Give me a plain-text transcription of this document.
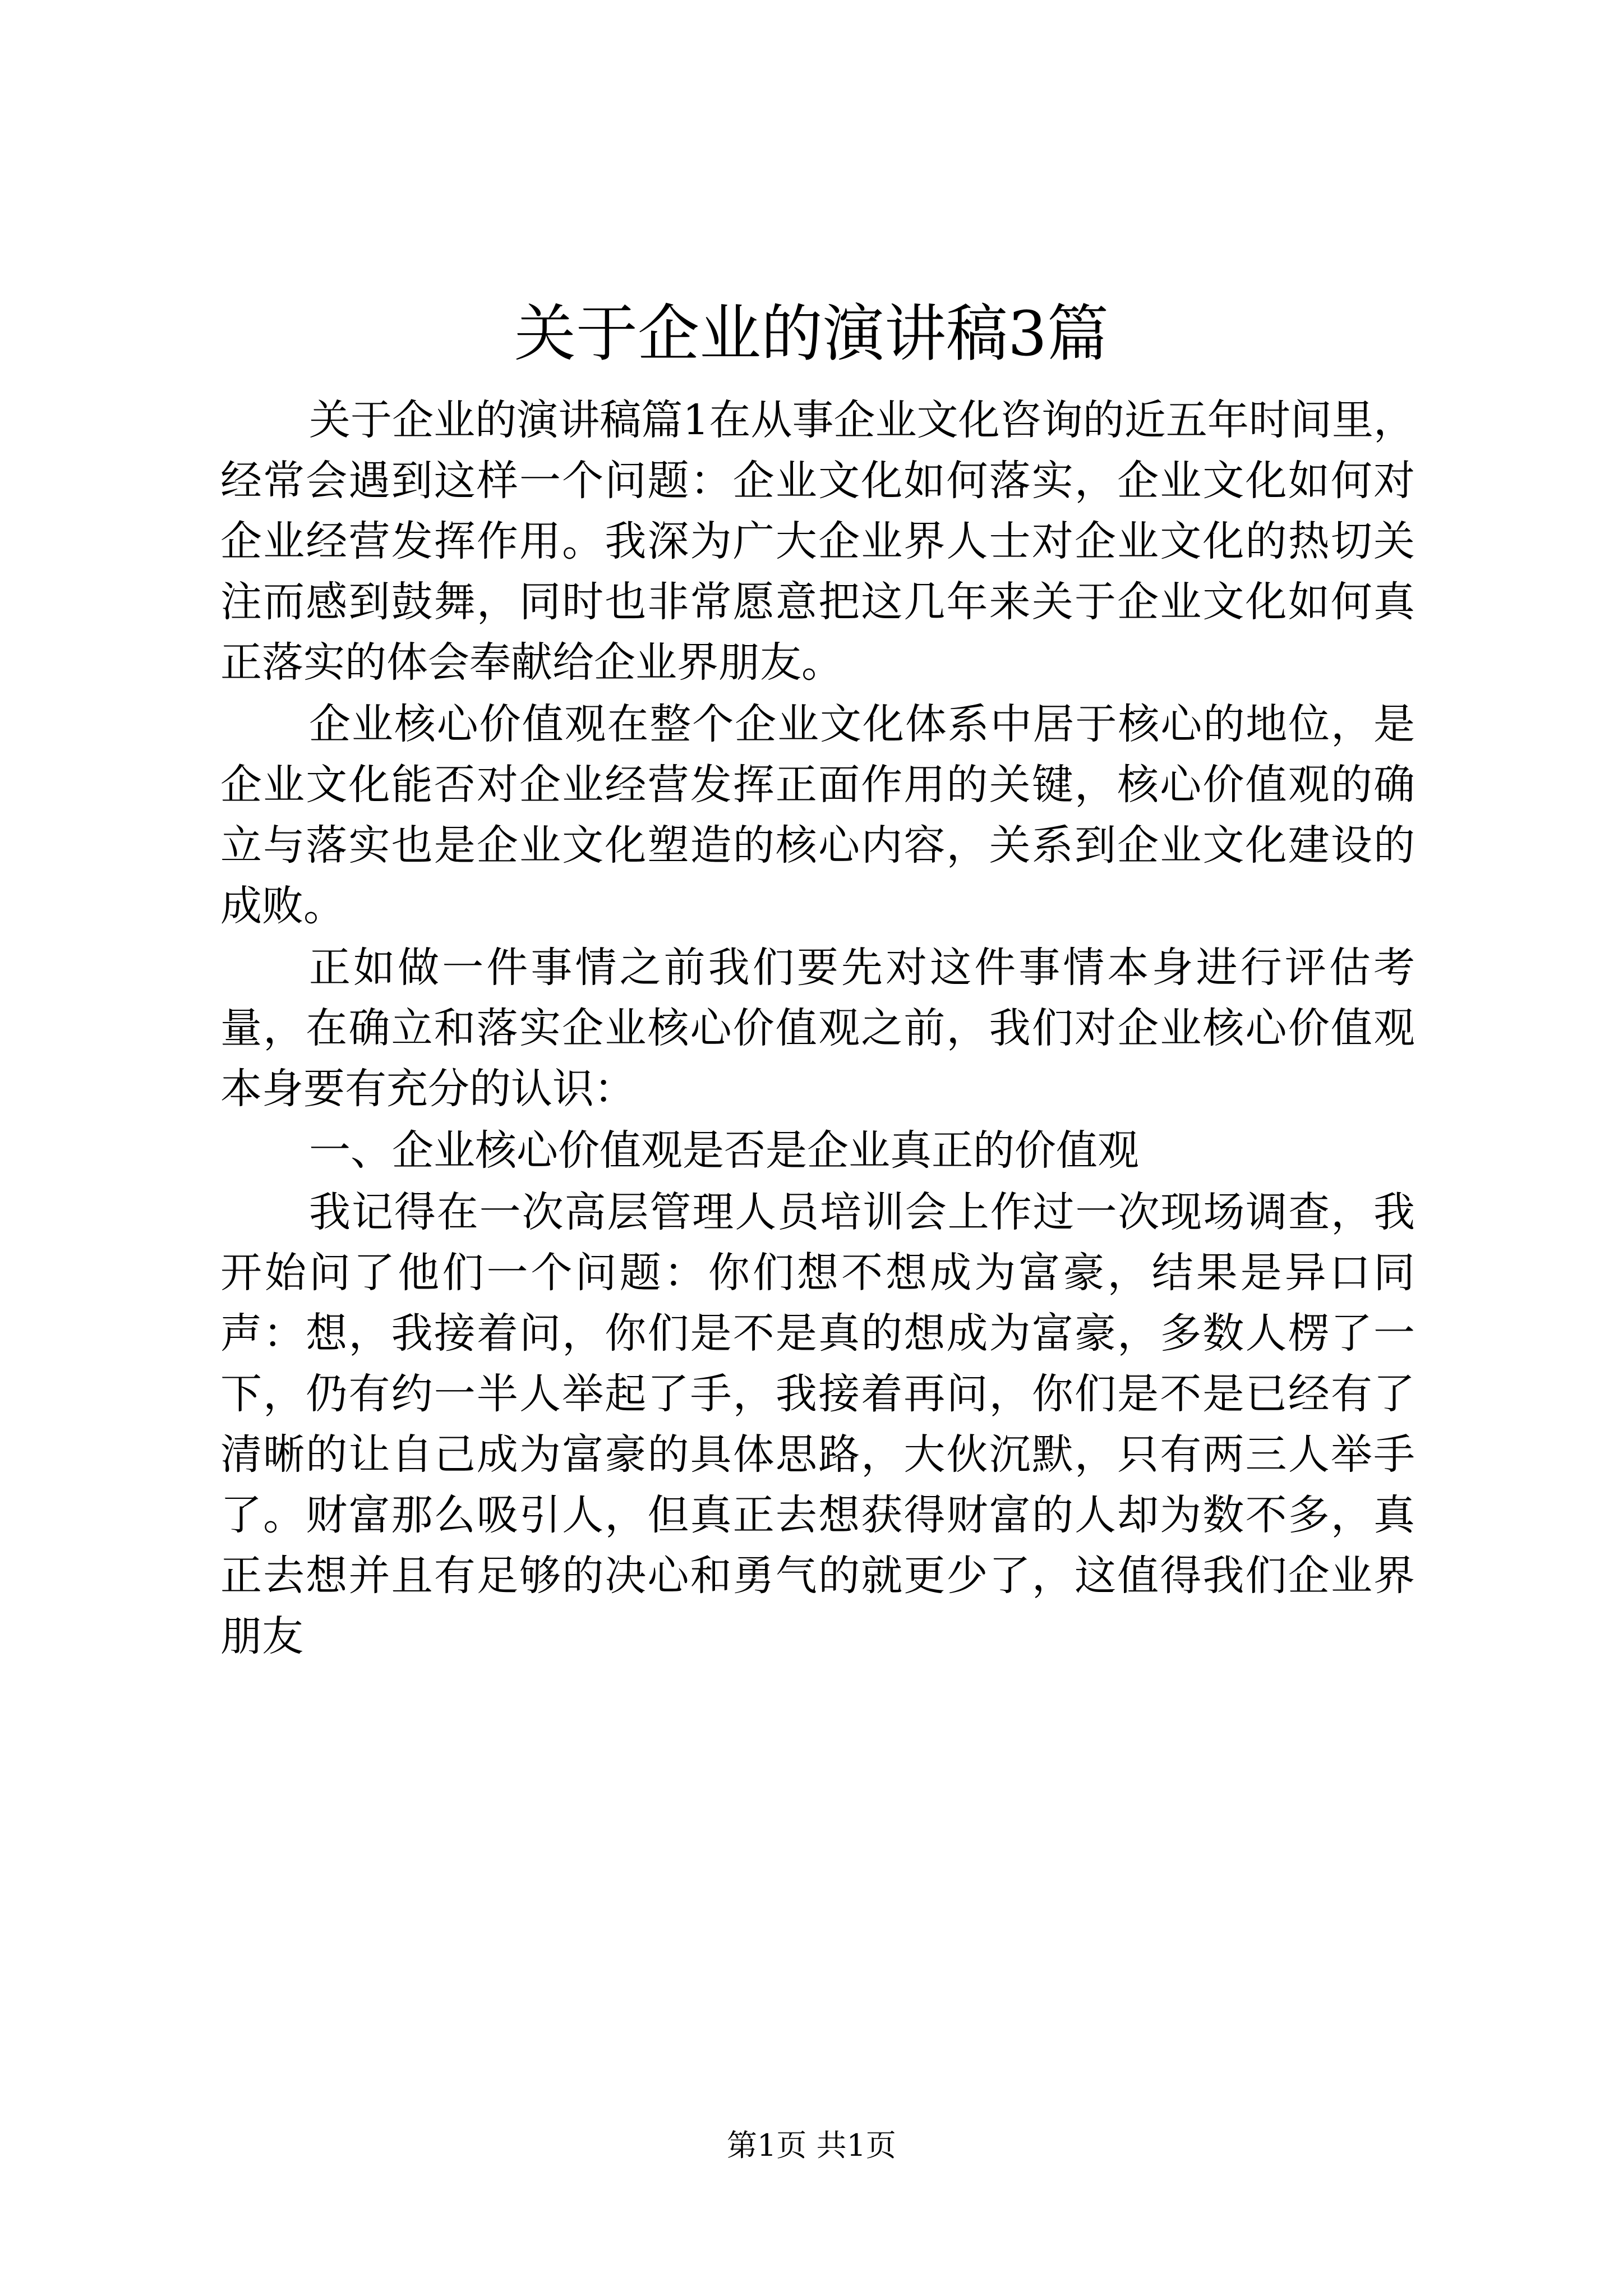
关于企业的演讲稿3篇

关于企业的演讲稿篇1在从事企业文化咨询的近五年时间里，经常会遇到这样一个问题：企业文化如何落实，企业文化如何对企业经营发挥作用。我深为广大企业界人士对企业文化的热切关注而感到鼓舞，同时也非常愿意把这几年来关于企业文化如何真正落实的体会奉献给企业界朋友。

企业核心价值观在整个企业文化体系中居于核心的地位，是企业文化能否对企业经营发挥正面作用的关键，核心价值观的确立与落实也是企业文化塑造的核心内容，关系到企业文化建设的成败。

正如做一件事情之前我们要先对这件事情本身进行评估考量，在确立和落实企业核心价值观之前，我们对企业核心价值观本身要有充分的认识：

一、企业核心价值观是否是企业真正的价值观

我记得在一次高层管理人员培训会上作过一次现场调查，我开始问了他们一个问题：你们想不想成为富豪，结果是异口同声：想，我接着问，你们是不是真的想成为富豪，多数人楞了一下，仍有约一半人举起了手，我接着再问，你们是不是已经有了清晰的让自己成为富豪的具体思路，大伙沉默，只有两三人举手了。财富那么吸引人，但真正去想获得财富的人却为数不多，真正去想并且有足够的决心和勇气的就更少了，这值得我们企业界朋友

第1页 共1页
